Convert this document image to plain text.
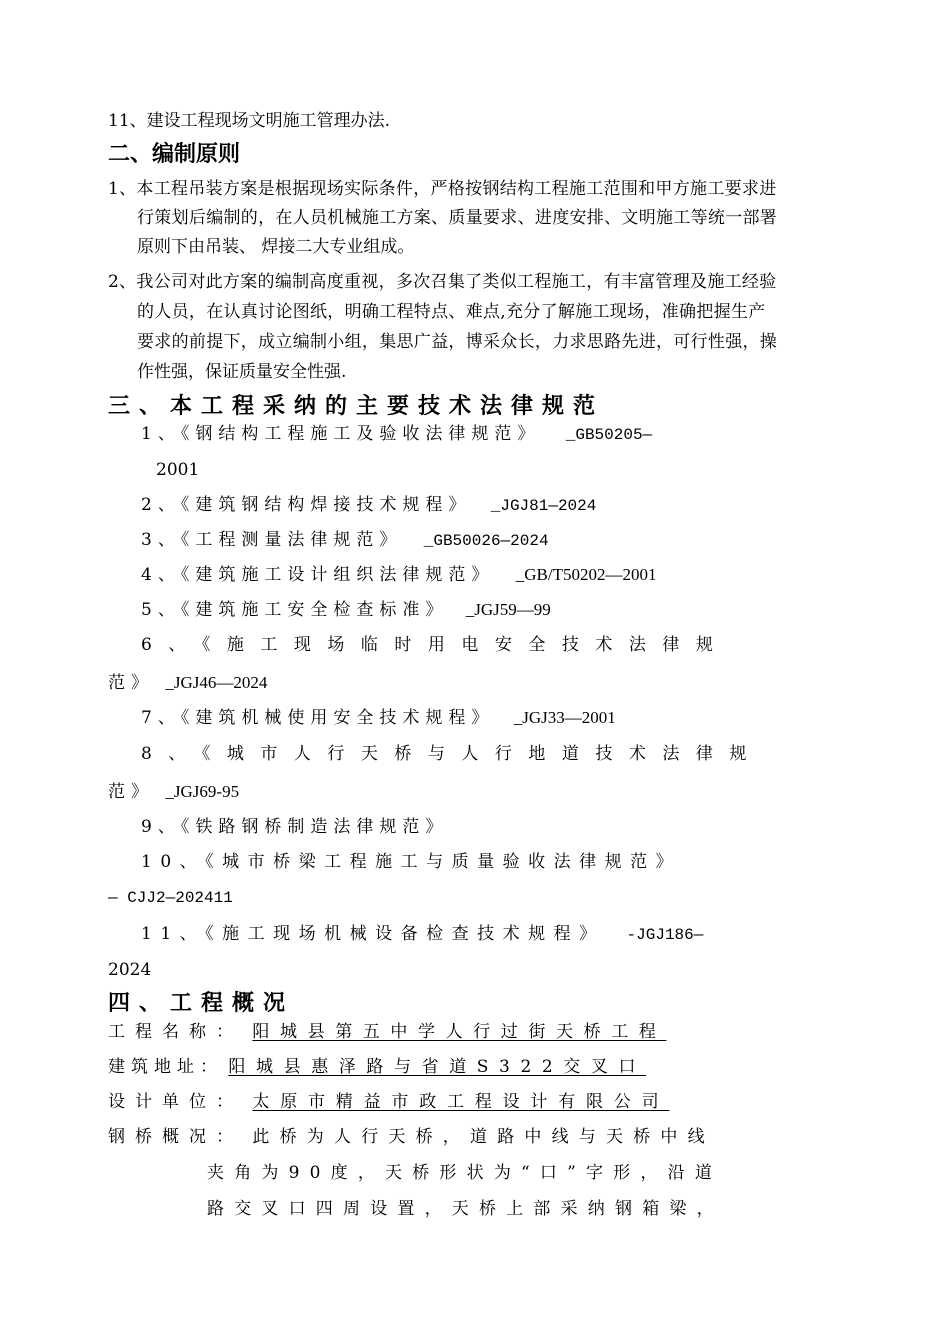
11、建设工程现场文明施工管理办法.
二、编制原则
1、本工程吊装方案是根据现场实际条件，严格按钢结构工程施工范围和甲方施工要求进
行策划后编制的，在人员机械施工方案、质量要求、进度安排、文明施工等统一部署
原则下由吊装、 焊接二大专业组成。
2、我公司对此方案的编制高度重视，多次召集了类似工程施工，有丰富管理及施工经验
的人员，在认真讨论图纸，明确工程特点、难点,充分了解施工现场，准确把握生产
要求的前提下，成立编制小组，集思广益，博采众长，力求思路先进，可行性强，操
作性强，保证质量安全性强.
三、本工程采纳的主要技术法律规范
1、《钢结构工程施工及验收法律规范》 _GB50205—
2001
2、《建筑钢结构焊接技术规程》 _JGJ81—2024
3、《工程测量法律规范》 _GB50026—2024
4、《建筑施工设计组织法律规范》 _GB/T50202—2001
5、《建筑施工安全检查标准》 _JGJ59—99
6、《施工现场临时用电安全技术法律规
范》 _JGJ46—2024
7、《建筑机械使用安全技术规程》 _JGJ33—2001
8、《城市人行天桥与人行地道技术法律规
范》 _JGJ69-95
9、《铁路钢桥制造法律规范》
10、《城市桥梁工程施工与质量验收法律规范》
— CJJ2—202411
11、《施工现场机械设备检查技术规程》 -JGJ186—
2024
四、工程概况
工程名称： 阳城县第五中学人行过街天桥工程
建筑地址： 阳城县惠泽路与省道S322交叉口
设计单位： 太原市精益市政工程设计有限公司
钢桥概况： 此桥为人行天桥，道路中线与天桥中线
夹角为90度，天桥形状为“口”字形，沿道
路交叉口四周设置，天桥上部采纳钢箱梁，
